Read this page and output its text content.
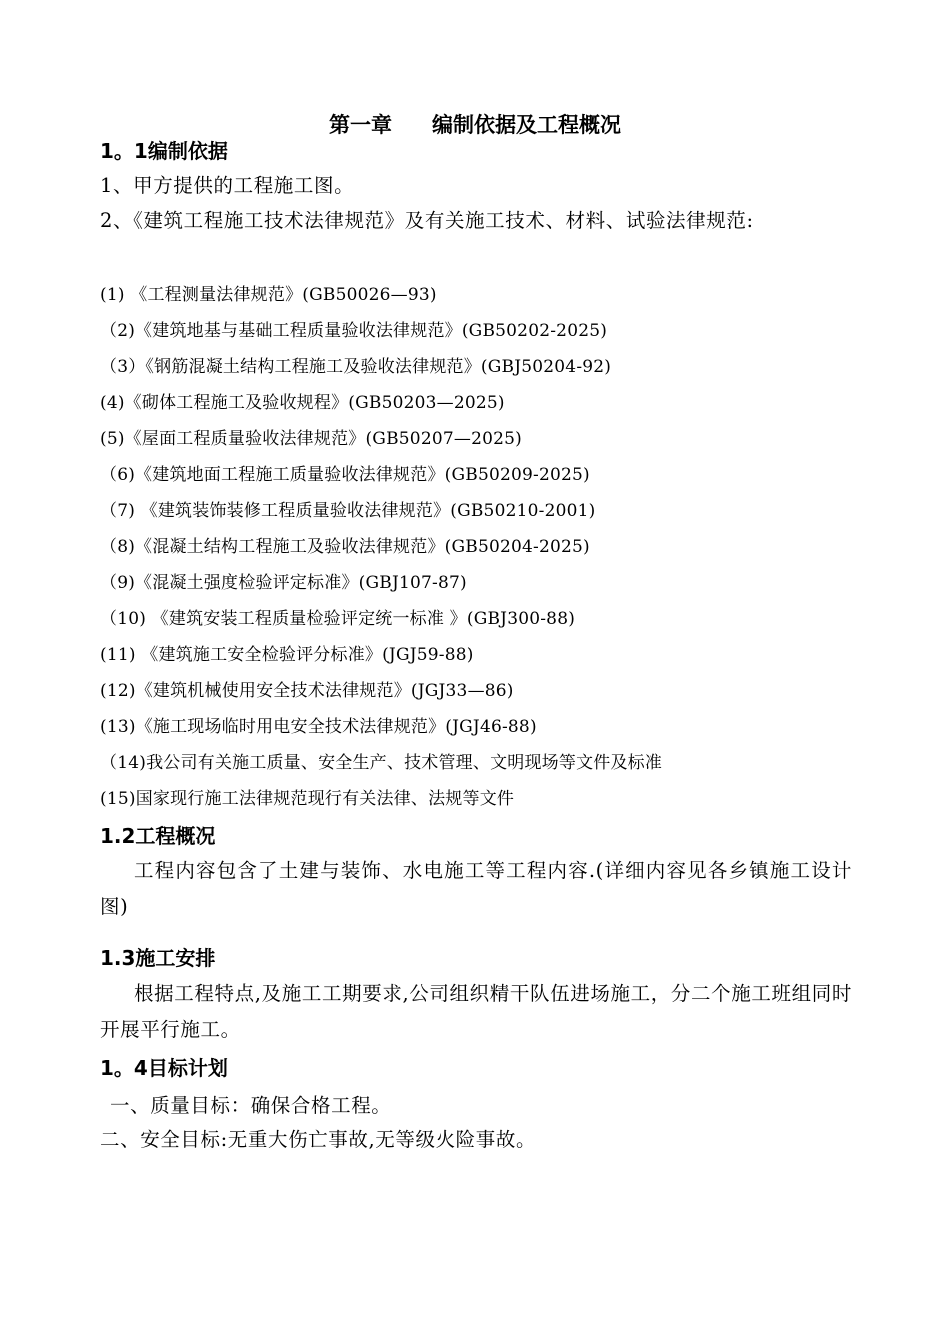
第一章 编制依据及工程概况
1。1编制依据
1、甲方提供的工程施工图。
2、《建筑工程施工技术法律规范》及有关施工技术、材料、试验法律规范:
(1) 《工程测量法律规范》(GB50026—93)
（2)《建筑地基与基础工程质量验收法律规范》(GB50202-2025)
（3）《钢筋混凝土结构工程施工及验收法律规范》(GBJ50204-92)
(4)《砌体工程施工及验收规程》(GB50203—2025)
(5)《屋面工程质量验收法律规范》(GB50207—2025)
（6)《建筑地面工程施工质量验收法律规范》(GB50209-2025)
（7) 《建筑装饰装修工程质量验收法律规范》(GB50210-2001)
（8)《混凝土结构工程施工及验收法律规范》(GB50204-2025)
（9)《混凝土强度检验评定标准》(GBJ107-87)
（10) 《建筑安装工程质量检验评定统一标准 》(GBJ300-88)
(11) 《建筑施工安全检验评分标准》(JGJ59-88)
(12)《建筑机械使用安全技术法律规范》(JGJ33—86)
(13)《施工现场临时用电安全技术法律规范》(JGJ46-88)
（14)我公司有关施工质量、安全生产、技术管理、文明现场等文件及标准
(15)国家现行施工法律规范现行有关法律、法规等文件
1.2工程概况
工程内容包含了土建与装饰、水电施工等工程内容.(详细内容见各乡镇施工设计图)
1.3施工安排
根据工程特点,及施工工期要求,公司组织精干队伍进场施工，分二个施工班组同时开展平行施工。
1。4目标计划
一、质量目标：确保合格工程。
二、安全目标:无重大伤亡事故,无等级火险事故。
